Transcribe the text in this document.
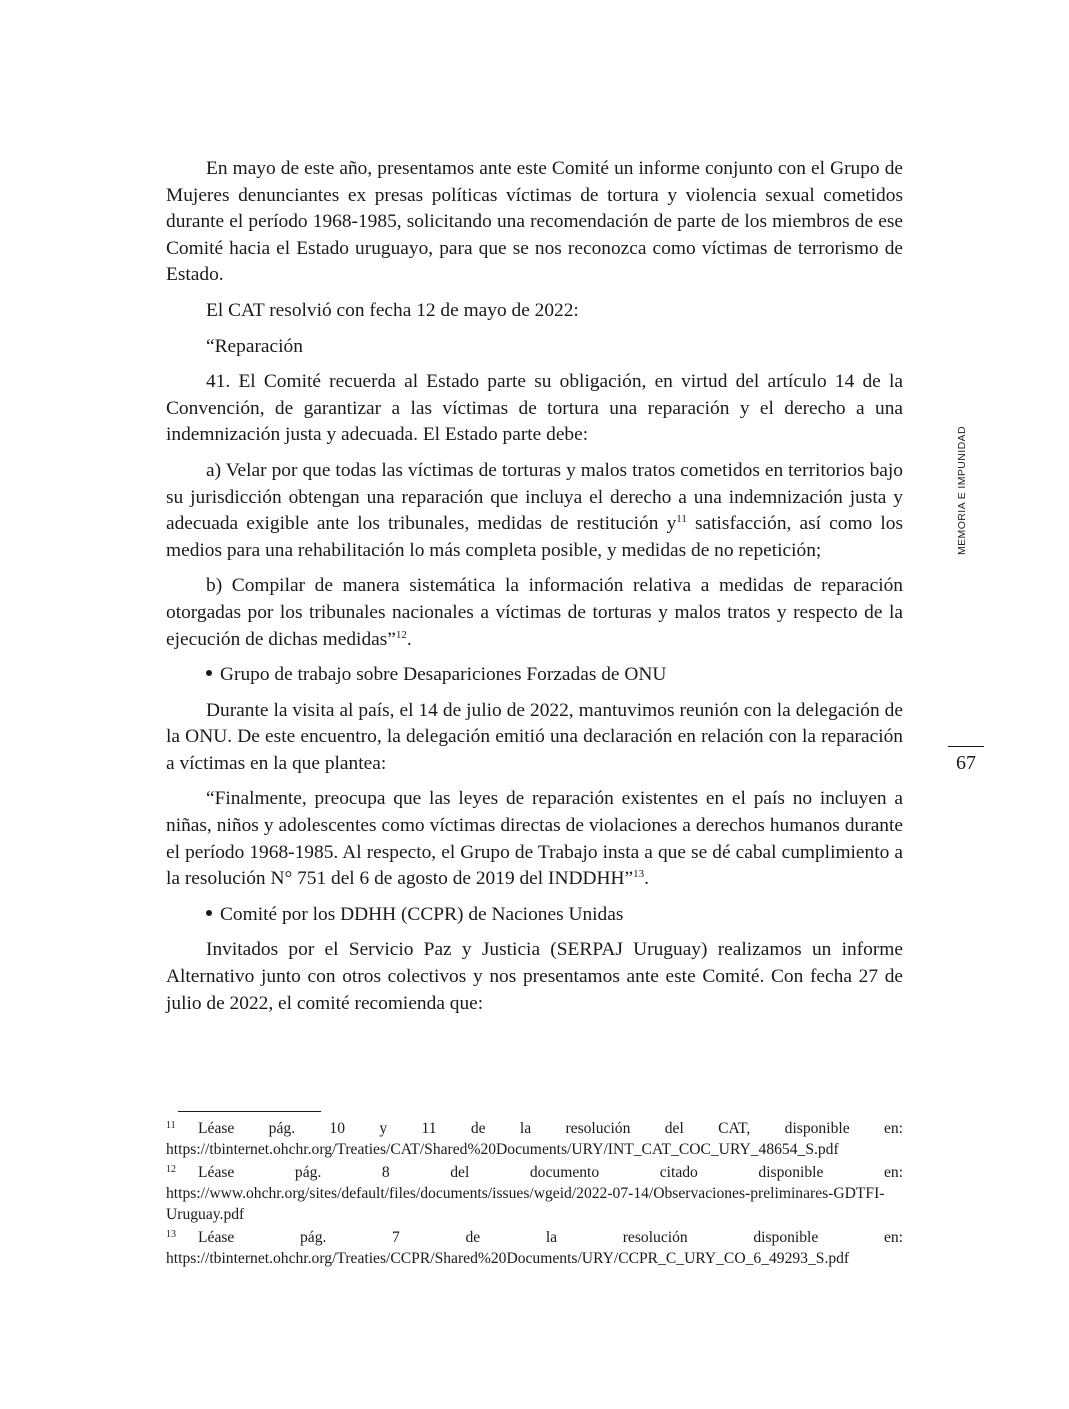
En mayo de este año, presentamos ante este Comité un informe conjunto con el Grupo de Mujeres denunciantes ex presas políticas víctimas de tortura y violencia sexual cometidos durante el período 1968-1985, solicitando una recomendación de parte de los miembros de ese Comité hacia el Estado uruguayo, para que se nos reconozca como víctimas de terrorismo de Estado.

El CAT resolvió con fecha 12 de mayo de 2022:

“Reparación

41. El Comité recuerda al Estado parte su obligación, en virtud del artículo 14 de la Convención, de garantizar a las víctimas de tortura una reparación y el derecho a una indemnización justa y adecuada. El Estado parte debe:

a) Velar por que todas las víctimas de torturas y malos tratos cometidos en territorios bajo su jurisdicción obtengan una reparación que incluya el derecho a una indemnización justa y adecuada exigible ante los tribunales, medidas de restitución $y^{11}$ satisfacción, así como los medios para una rehabilitación lo más completa posible, y medidas de no repetición;

b) Compilar de manera sistemática la información relativa a medidas de reparación otorgadas por los tribunales nacionales a víctimas de torturas y malos tratos y respecto de la ejecución de dichas medidas”$^{12}$.

Grupo de trabajo sobre Desapariciones Forzadas de ONU

Durante la visita al país, el 14 de julio de 2022, mantuvimos reunión con la delegación de la ONU. De este encuentro, la delegación emitió una declaración en relación con la reparación a víctimas en la que plantea:

“Finalmente, preocupa que las leyes de reparación existentes en el país no incluyen a niñas, niños y adolescentes como víctimas directas de violaciones a derechos humanos durante el período 1968-1985. Al respecto, el Grupo de Trabajo insta a que se dé cabal cumplimiento a la resolución N° 751 del 6 de agosto de 2019 del INDDHH”$^{13}$.

Comité por los DDHH (CCPR) de Naciones Unidas

Invitados por el Servicio Paz y Justicia (SERPAJ Uruguay) realizamos un informe Alternativo junto con otros colectivos y nos presentamos ante este Comité. Con fecha 27 de julio de 2022, el comité recomienda que:

MEMORIA E IMPUNIDAD
67

11 Léase pág. 10 y 11 de la resolución del CAT, disponible en: https://tbinternet.ohchr.org/Treaties/CAT/Shared%20Documents/URY/INT_CAT_COC_URY_48654_S.pdf

12 Léase pág. 8 del documento citado disponible en: https://www.ohchr.org/sites/default/files/documents/issues/wgeid/2022-07-14/Observaciones-preliminares-GDTFI-Uruguay.pdf

13 Léase pág. 7 de la resolución disponible en: https://tbinternet.ohchr.org/Treaties/CCPR/Shared%20Documents/URY/CCPR_C_URY_CO_6_49293_S.pdf
